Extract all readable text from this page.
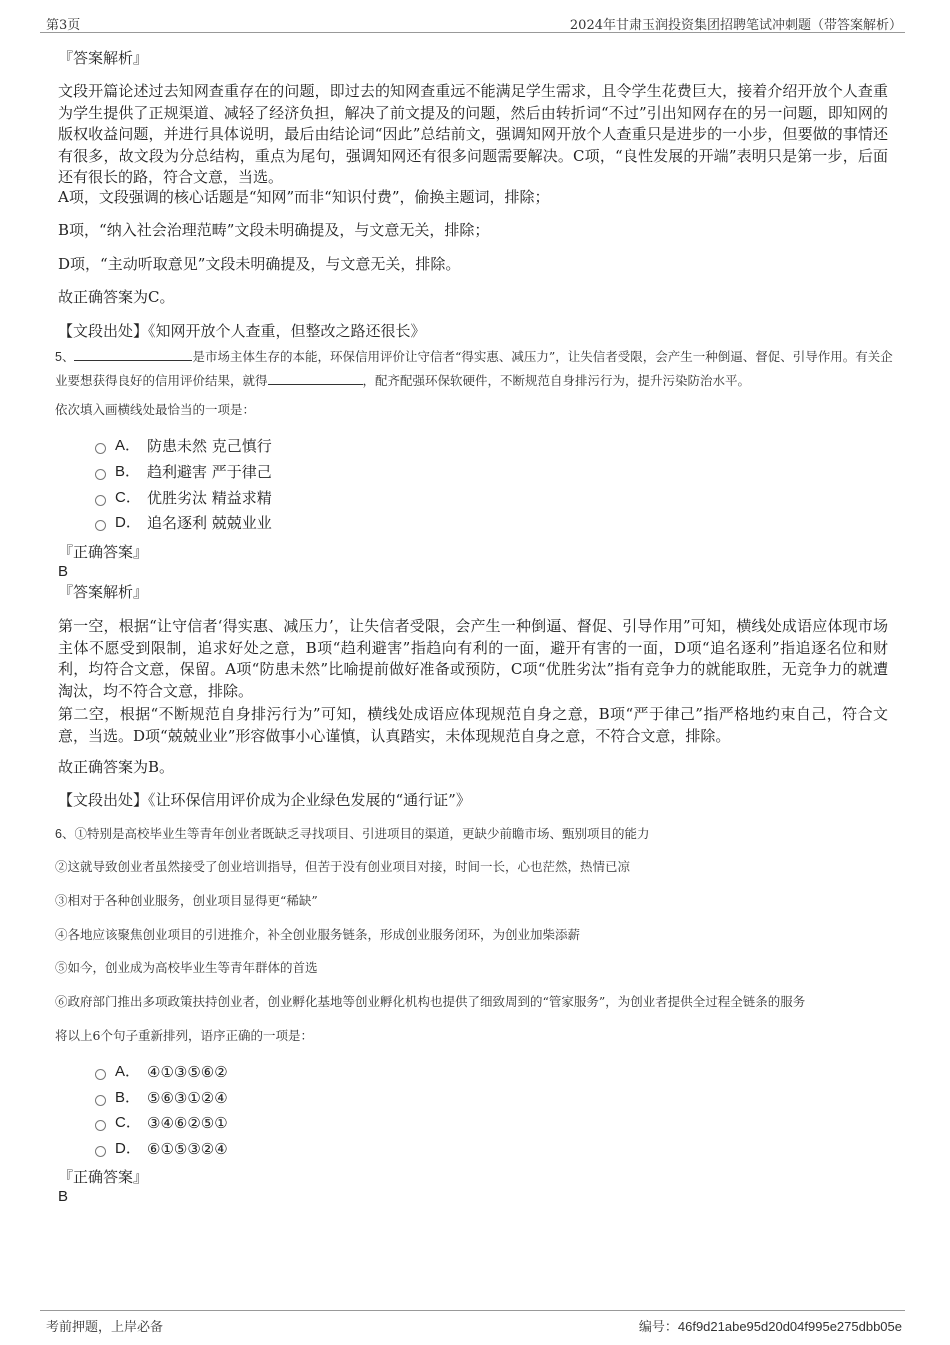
第3页	2024年甘肃玉润投资集团招聘笔试冲刺题（带答案解析）
『答案解析』
文段开篇论述过去知网查重存在的问题，即过去的知网查重远不能满足学生需求，且令学生花费巨大，接着介绍开放个人查重为学生提供了正规渠道、减轻了经济负担，解决了前文提及的问题，然后由转折词“不过”引出知网存在的另一问题，即知网的版权收益问题，并进行具体说明，最后由结论词“因此”总结前文，强调知网开放个人查重只是进步的一小步，但要做的事情还有很多，故文段为分总结构，重点为尾句，强调知网还有很多问题需要解决。C项，“良性发展的开端”表明只是第一步，后面还有很长的路，符合文意，当选。
A项，文段强调的核心话题是“知网”而非“知识付费”，偷换主题词，排除；
B项，“纳入社会治理范畴”文段未明确提及，与文意无关，排除；
D项，“主动听取意见”文段未明确提及，与文意无关，排除。
故正确答案为C。
【文段出处】《知网开放个人查重，但整改之路还很长》
5、	是市场主体生存的本能，环保信用评价让守信者“得实惠、减压力”，让失信者受限，会产生一种倒逼、督促、引导作用。有关企业要想获得良好的信用评价结果，就得	，配齐配强环保软硬件，不断规范自身排污行为，提升污染防治水平。
依次填入画横线处最恰当的一项是：
A． 防患未然 克己慎行
B． 趋利避害 严于律己
C． 优胜劣汰 精益求精
D． 追名逐利 兢兢业业
『正确答案』
B
『答案解析』
第一空，根据“让守信者‘得实惠、减压力’，让失信者受限，会产生一种倒逼、督促、引导作用”可知，横线处成语应体现市场主体不愿受到限制，追求好处之意，B项“趋利避害”指趋向有利的一面，避开有害的一面，D项“追名逐利”指追逐名位和财利，均符合文意，保留。A项“防患未然”比喻提前做好准备或预防，C项“优胜劣汰”指有竞争力的就能取胜，无竞争力的就遭淘汰，均不符合文意，排除。
第二空，根据“不断规范自身排污行为”可知，横线处成语应体现规范自身之意，B项“严于律己”指严格地约束自己，符合文意，当选。D项“兢兢业业”形容做事小心谨慎，认真踏实，未体现规范自身之意，不符合文意，排除。
故正确答案为B。
【文段出处】《让环保信用评价成为企业绿色发展的“通行证”》
6、①特别是高校毕业生等青年创业者既缺乏寻找项目、引进项目的渠道，更缺少前瞻市场、甄别项目的能力
②这就导致创业者虽然接受了创业培训指导，但苦于没有创业项目对接，时间一长，心也茫然，热情已凉
③相对于各种创业服务，创业项目显得更“稀缺”
④各地应该聚焦创业项目的引进推介，补全创业服务链条，形成创业服务闭环，为创业加柴添薪
⑤如今，创业成为高校毕业生等青年群体的首选
⑥政府部门推出多项政策扶持创业者，创业孵化基地等创业孵化机构也提供了细致周到的“管家服务”，为创业者提供全过程全链条的服务
将以上6个句子重新排列，语序正确的一项是：
A． ④①③⑤⑥②
B． ⑤⑥③①②④
C． ③④⑥②⑤①
D． ⑥①⑤③②④
『正确答案』
B
考前押题，上岸必备	编号：46f9d21abe95d20d04f995e275dbb05e
